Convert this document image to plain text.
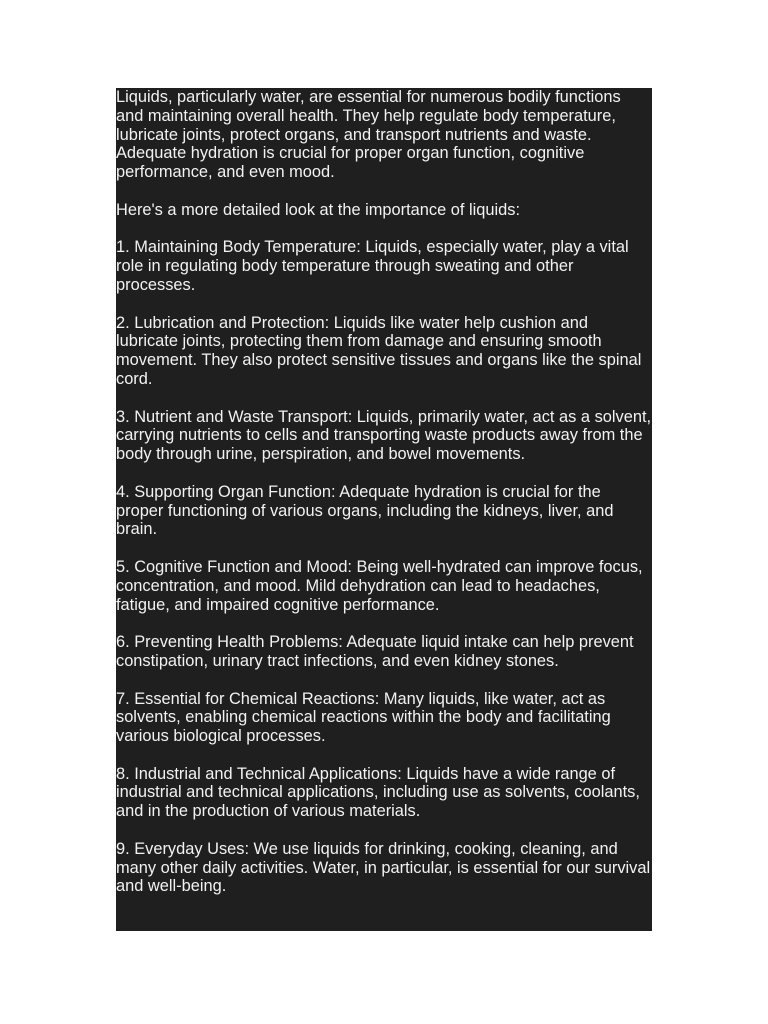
Liquids, particularly water, are essential for numerous bodily functions and maintaining overall health. They help regulate body temperature, lubricate joints, protect organs, and transport nutrients and waste. Adequate hydration is crucial for proper organ function, cognitive performance, and even mood.

Here's a more detailed look at the importance of liquids:

1. Maintaining Body Temperature: Liquids, especially water, play a vital role in regulating body temperature through sweating and other processes.

2. Lubrication and Protection: Liquids like water help cushion and lubricate joints, protecting them from damage and ensuring smooth movement. They also protect sensitive tissues and organs like the spinal cord.

3. Nutrient and Waste Transport: Liquids, primarily water, act as a solvent, carrying nutrients to cells and transporting waste products away from the body through urine, perspiration, and bowel movements.

4. Supporting Organ Function: Adequate hydration is crucial for the proper functioning of various organs, including the kidneys, liver, and brain.

5. Cognitive Function and Mood: Being well-hydrated can improve focus, concentration, and mood. Mild dehydration can lead to headaches, fatigue, and impaired cognitive performance.

6. Preventing Health Problems: Adequate liquid intake can help prevent constipation, urinary tract infections, and even kidney stones.

7. Essential for Chemical Reactions: Many liquids, like water, act as solvents, enabling chemical reactions within the body and facilitating various biological processes.

8. Industrial and Technical Applications: Liquids have a wide range of industrial and technical applications, including use as solvents, coolants, and in the production of various materials.

9. Everyday Uses: We use liquids for drinking, cooking, cleaning, and many other daily activities. Water, in particular, is essential for our survival and well-being.
